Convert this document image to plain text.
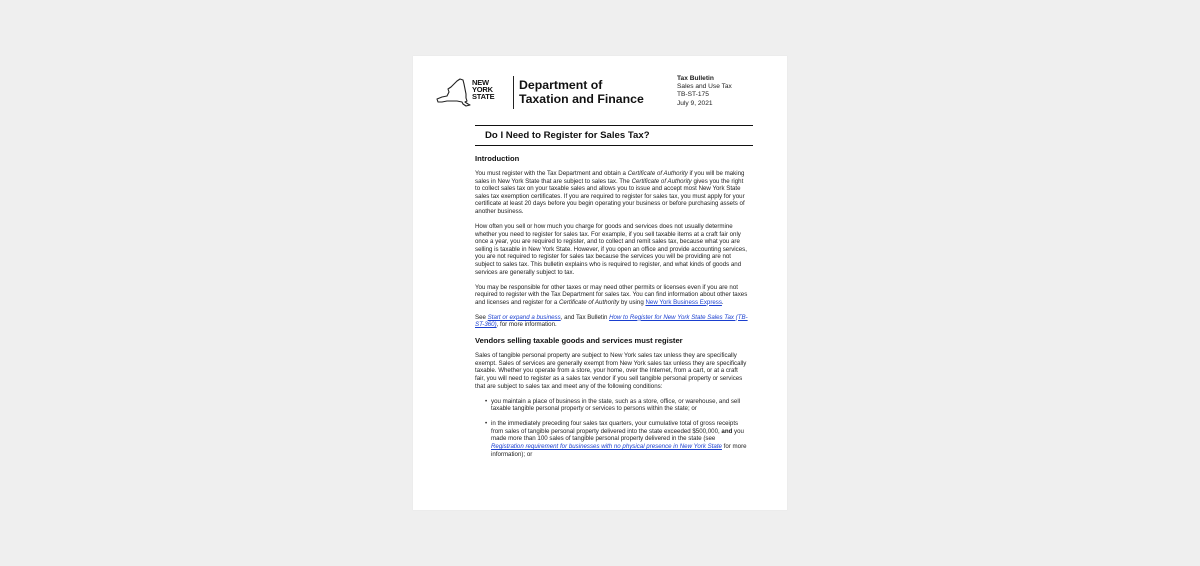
NEW
YORK
STATE
Department of
Taxation and Finance
Tax Bulletin
Sales and Use Tax
TB-ST-175
July 9, 2021
Do I Need to Register for Sales Tax?
Introduction

You must register with the Tax Department and obtain a Certificate of Authority if you will be making sales in New York State that are subject to sales tax. The Certificate of Authority gives you the right to collect sales tax on your taxable sales and allows you to issue and accept most New York State sales tax exemption certificates. If you are required to register for sales tax, you must apply for your certificate at least 20 days before you begin operating your business or before purchasing assets of another business.

How often you sell or how much you charge for goods and services does not usually determine whether you need to register for sales tax. For example, if you sell taxable items at a craft fair only once a year, you are required to register, and to collect and remit sales tax, because what you are selling is taxable in New York State. However, if you open an office and provide accounting services, you are not required to register for sales tax because the services you will be providing are not subject to sales tax. This bulletin explains who is required to register, and what kinds of goods and services are generally subject to tax.

You may be responsible for other taxes or may need other permits or licenses even if you are not required to register with the Tax Department for sales tax. You can find information about other taxes and licenses and register for a Certificate of Authority by using New York Business Express.

See Start or expand a business, and Tax Bulletin How to Register for New York State Sales Tax (TB-ST-360), for more information.

Vendors selling taxable goods and services must register

Sales of tangible personal property are subject to New York sales tax unless they are specifically exempt. Sales of services are generally exempt from New York sales tax unless they are specifically taxable. Whether you operate from a store, your home, over the Internet, from a cart, or at a craft fair, you will need to register as a sales tax vendor if you sell tangible personal property or services that are subject to sales tax and meet any of the following conditions:

• you maintain a place of business in the state, such as a store, office, or warehouse, and sell taxable tangible personal property or services to persons within the state; or
• in the immediately preceding four sales tax quarters, your cumulative total of gross receipts from sales of tangible personal property delivered into the state exceeded $500,000, and you made more than 100 sales of tangible personal property delivered in the state (see Registration requirement for businesses with no physical presence in New York State for more information); or
